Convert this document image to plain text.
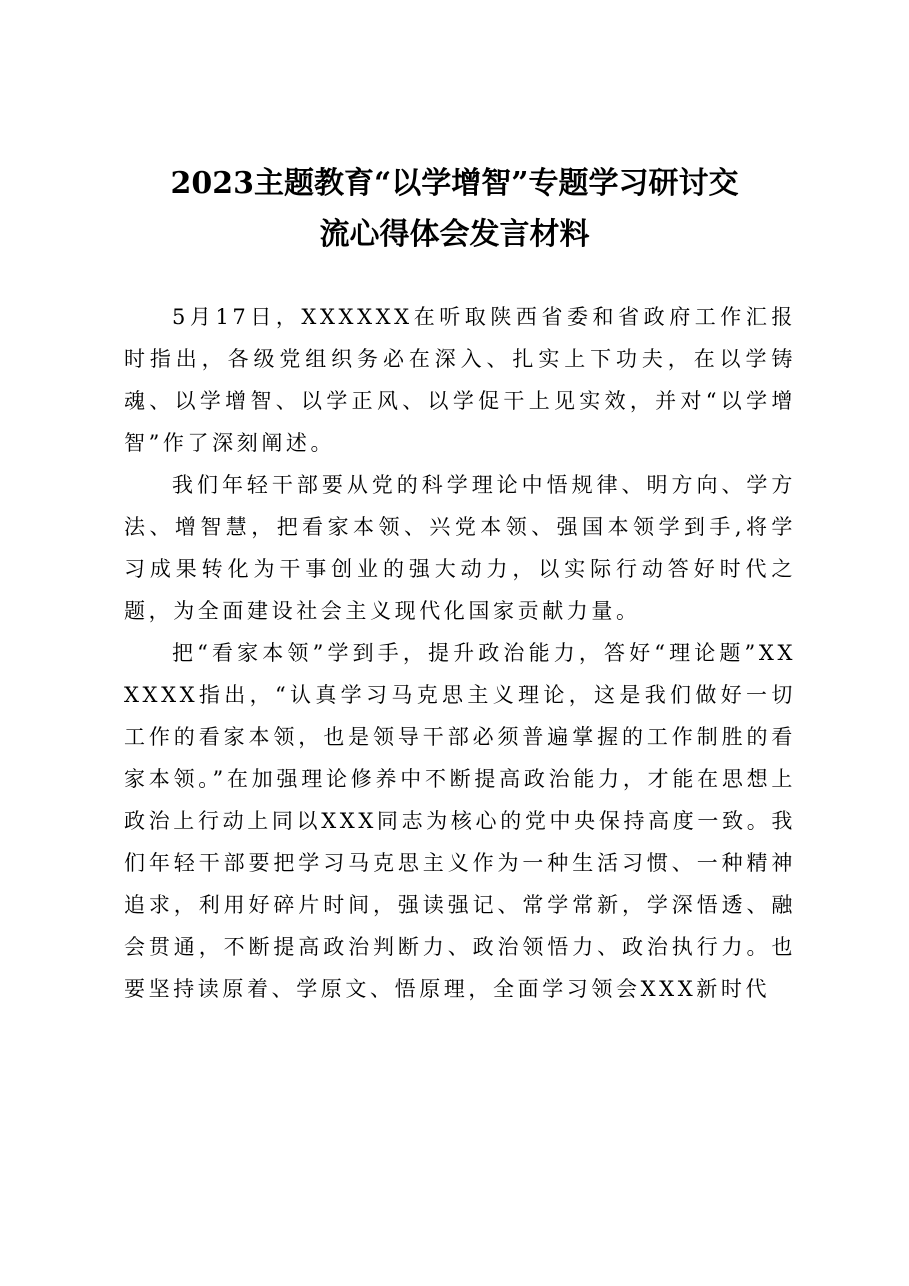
2023主题教育“以学增智”专题学习研讨交
流心得体会发言材料

5月17日，XXXXXX在听取陕西省委和省政府工作汇报时指出，各级党组织务必在深入、扎实上下功夫，在以学铸魂、以学增智、以学正风、以学促干上见实效，并对“以学增智”作了深刻阐述。

我们年轻干部要从党的科学理论中悟规律、明方向、学方法、增智慧，把看家本领、兴党本领、强国本领学到手,将学习成果转化为干事创业的强大动力，以实际行动答好时代之题，为全面建设社会主义现代化国家贡献力量。

把“看家本领”学到手，提升政治能力，答好“理论题”XXXXXX指出，“认真学习马克思主义理论，这是我们做好一切工作的看家本领，也是领导干部必须普遍掌握的工作制胜的看家本领。”在加强理论修养中不断提高政治能力，才能在思想上政治上行动上同以XXX同志为核心的党中央保持高度一致。我们年轻干部要把学习马克思主义作为一种生活习惯、一种精神追求，利用好碎片时间，强读强记、常学常新，学深悟透、融会贯通，不断提高政治判断力、政治领悟力、政治执行力。也要坚持读原着、学原文、悟原理，全面学习领会XXX新时代
